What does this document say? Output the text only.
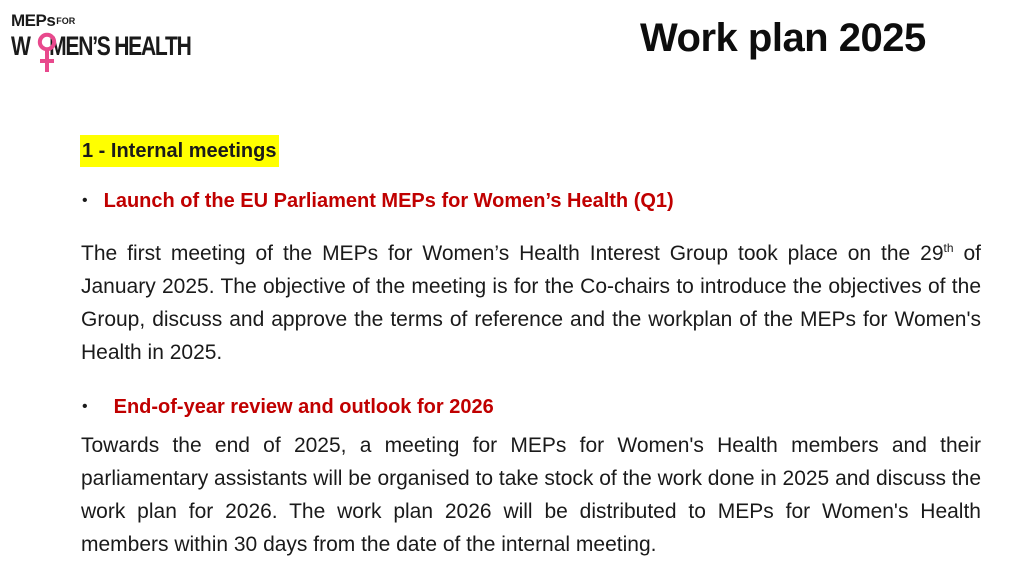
MEPsFOR
W MEN’S HEALTH	Work plan 2025
1 - Internal meetings
• Launch of the EU Parliament MEPs for Women’s Health (Q1)
The first meeting of the MEPs for Women’s Health Interest Group took place on the 29th of January 2025. The objective of the meeting is for the Co-chairs to introduce the objectives of the Group, discuss and approve the terms of reference and the workplan of the MEPs for Women's Health in 2025.
• End-of-year review and outlook for 2026
Towards the end of 2025, a meeting for MEPs for Women's Health members and their parliamentary assistants will be organised to take stock of the work done in 2025 and discuss the work plan for 2026. The work plan 2026 will be distributed to MEPs for Women's Health members within 30 days from the date of the internal meeting.
